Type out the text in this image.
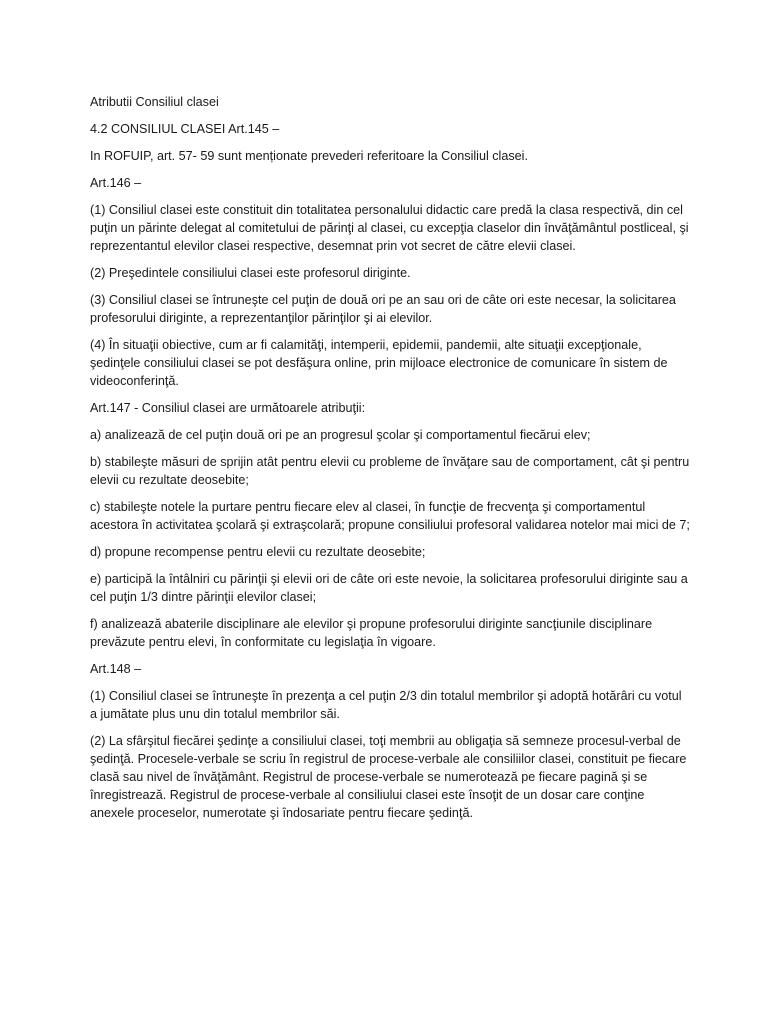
Atributii Consiliul clasei

4.2 CONSILIUL CLASEI Art.145 –

In ROFUIP, art. 57- 59 sunt menționate prevederi referitoare la Consiliul clasei.

Art.146 –

(1) Consiliul clasei este constituit din totalitatea personalului didactic care predă la clasa respectivă, din cel puţin un părinte delegat al comitetului de părinţi al clasei, cu excepţia claselor din învăţământul postliceal, şi reprezentantul elevilor clasei respective, desemnat prin vot secret de către elevii clasei.

(2) Preşedintele consiliului clasei este profesorul diriginte.

(3) Consiliul clasei se întruneşte cel puţin de două ori pe an sau ori de câte ori este necesar, la solicitarea profesorului diriginte, a reprezentanţilor părinţilor şi ai elevilor.

(4) În situaţii obiective, cum ar fi calamităţi, intemperii, epidemii, pandemii, alte situaţii excepţionale, şedinţele consiliului clasei se pot desfăşura online, prin mijloace electronice de comunicare în sistem de videoconferinţă.

Art.147 - Consiliul clasei are următoarele atribuţii:

a) analizează de cel puţin două ori pe an progresul şcolar şi comportamentul fiecărui elev;

b) stabileşte măsuri de sprijin atât pentru elevii cu probleme de învăţare sau de comportament, cât şi pentru elevii cu rezultate deosebite;

c) stabileşte notele la purtare pentru fiecare elev al clasei, în funcţie de frecvenţa şi comportamentul acestora în activitatea şcolară şi extraşcolară; propune consiliului profesoral validarea notelor mai mici de 7;

d) propune recompense pentru elevii cu rezultate deosebite;

e) participă la întâlniri cu părinţii şi elevii ori de câte ori este nevoie, la solicitarea profesorului diriginte sau a cel puţin 1/3 dintre părinţii elevilor clasei;

f) analizează abaterile disciplinare ale elevilor şi propune profesorului diriginte sancţiunile disciplinare prevăzute pentru elevi, în conformitate cu legislaţia în vigoare.

Art.148 –

(1) Consiliul clasei se întruneşte în prezenţa a cel puţin 2/3 din totalul membrilor şi adoptă hotărâri cu votul a jumătate plus unu din totalul membrilor săi.

(2) La sfârşitul fiecărei şedinţe a consiliului clasei, toţi membrii au obligaţia să semneze procesul-verbal de şedinţă. Procesele-verbale se scriu în registrul de procese-verbale ale consiliilor clasei, constituit pe fiecare clasă sau nivel de învăţământ. Registrul de procese-verbale se numerotează pe fiecare pagină şi se înregistrează. Registrul de procese-verbale al consiliului clasei este însoţit de un dosar care conţine anexele proceselor, numerotate şi îndosariate pentru fiecare şedinţă.
